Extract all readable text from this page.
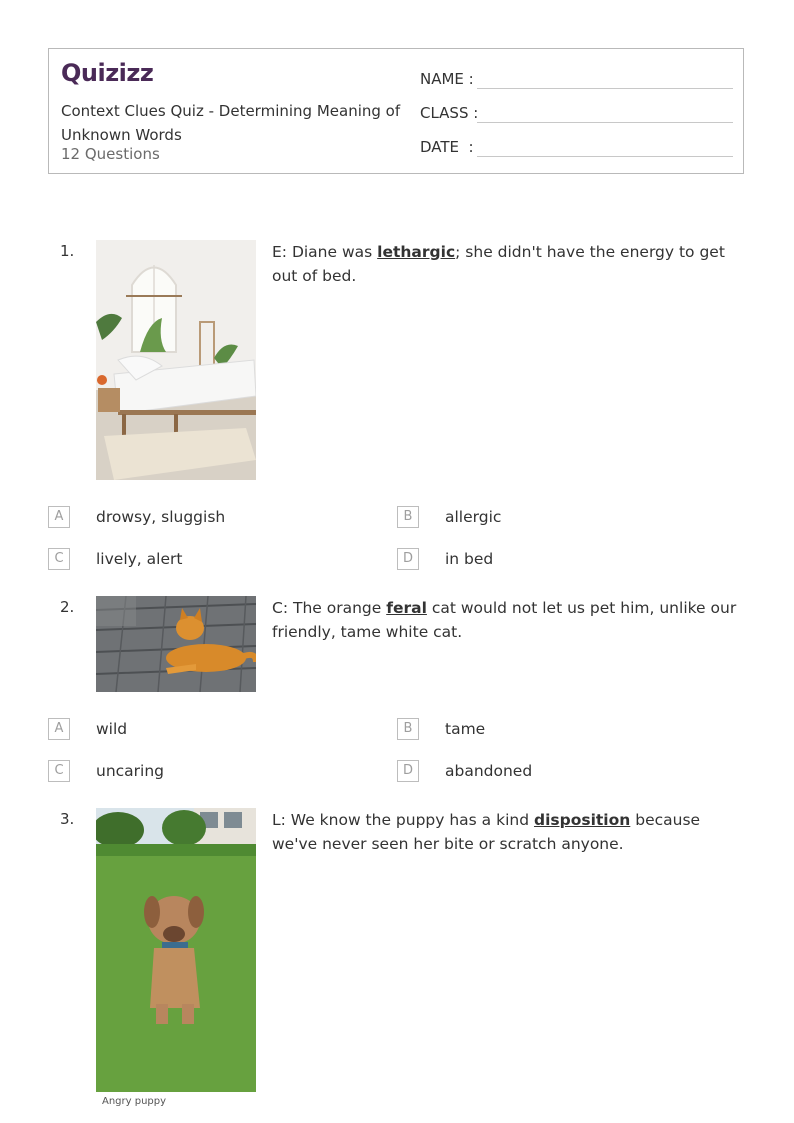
Quizizz
Context Clues Quiz - Determining Meaning of Unknown Words
12 Questions
NAME :
CLASS :
DATE  :
1.	E: Diane was lethargic; she didn't have the energy to get out of bed.
A	drowsy, sluggish	B	allergic
C	lively, alert	D	in bed
2.	C: The orange feral cat would not let us pet him, unlike our friendly, tame white cat.
A	wild	B	tame
C	uncaring	D	abandoned
3.
Angry puppy
L: We know the puppy has a kind disposition because we've never seen her bite or scratch anyone.
